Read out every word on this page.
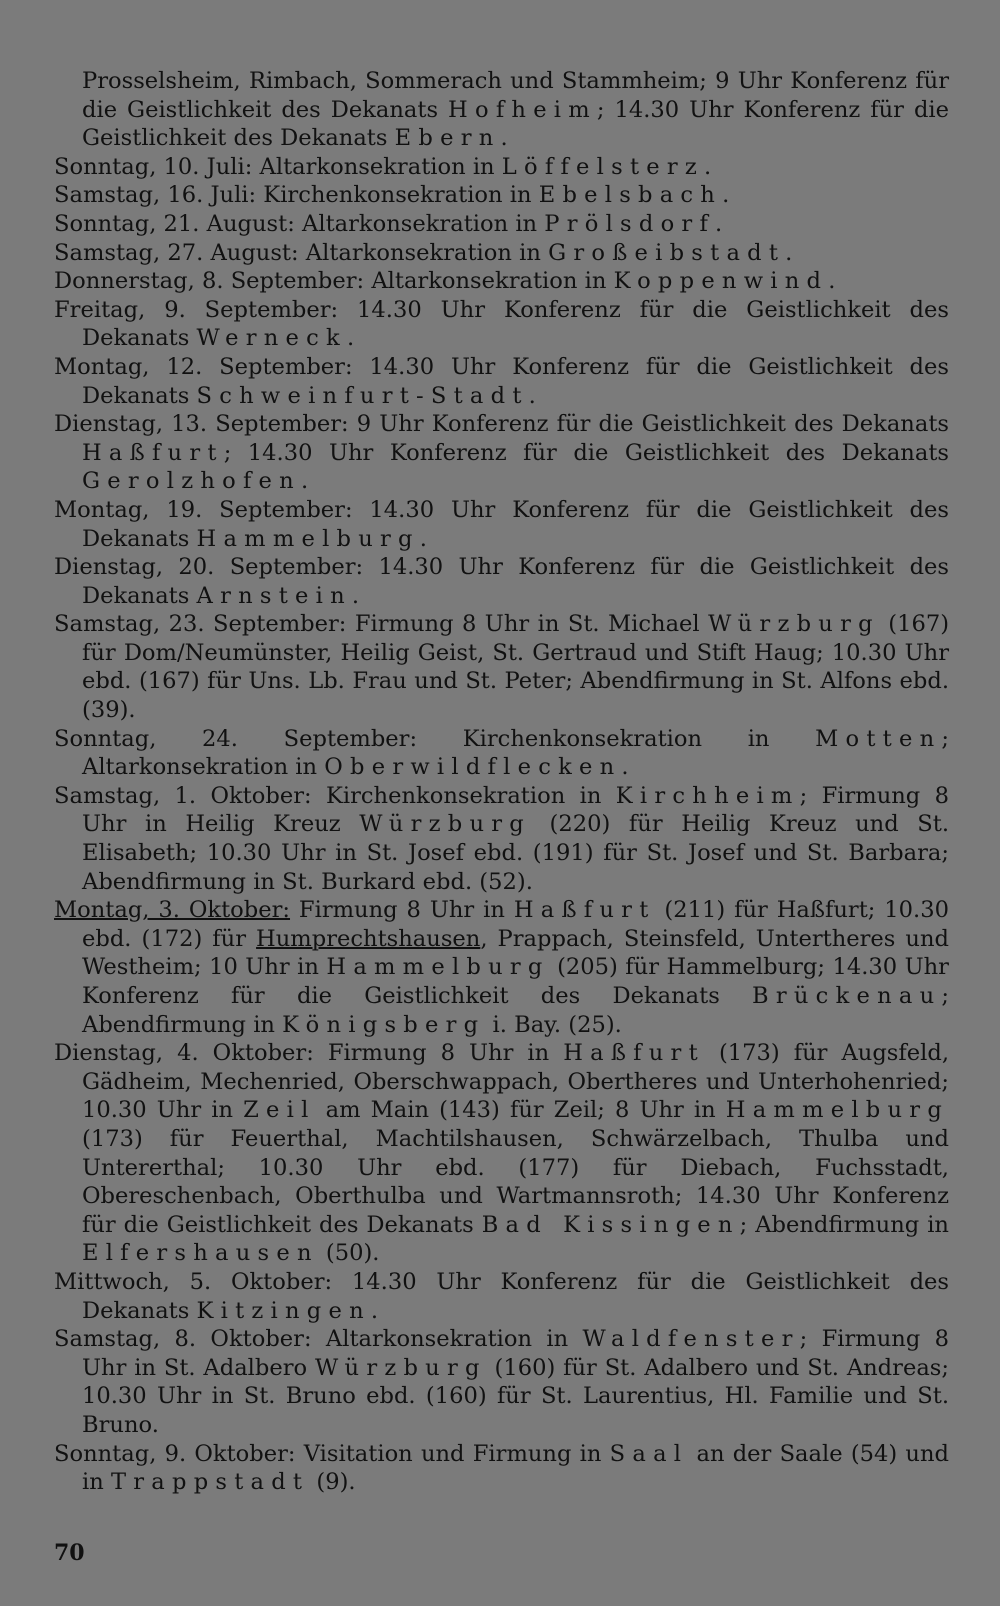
Prosselsheim, Rimbach, Sommerach und Stammheim; 9 Uhr Konferenz für die Geistlichkeit des Dekanats Hofheim; 14.30 Uhr Konferenz für die Geistlichkeit des Dekanats Ebern.
Sonntag, 10. Juli: Altarkonsekration in Löffelsterz.
Samstag, 16. Juli: Kirchenkonsekration in Ebelsbach.
Sonntag, 21. August: Altarkonsekration in Prölsdorf.
Samstag, 27. August: Altarkonsekration in Großeibstadt.
Donnerstag, 8. September: Altarkonsekration in Koppenwind.
Freitag, 9. September: 14.30 Uhr Konferenz für die Geistlichkeit des Dekanats Werneck.
Montag, 12. September: 14.30 Uhr Konferenz für die Geistlichkeit des Dekanats Schweinfurt-Stadt.
Dienstag, 13. September: 9 Uhr Konferenz für die Geistlichkeit des Dekanats Haßfurt; 14.30 Uhr Konferenz für die Geistlichkeit des Dekanats Gerolzhofen.
Montag, 19. September: 14.30 Uhr Konferenz für die Geistlichkeit des Dekanats Hammelburg.
Dienstag, 20. September: 14.30 Uhr Konferenz für die Geistlichkeit des Dekanats Arnstein.
Samstag, 23. September: Firmung 8 Uhr in St. Michael Würzburg (167) für Dom/Neumünster, Heilig Geist, St. Gertraud und Stift Haug; 10.30 Uhr ebd. (167) für Uns. Lb. Frau und St. Peter; Abendfirmung in St. Alfons ebd. (39).
Sonntag, 24. September: Kirchenkonsekration in Motten; Altarkonsekration in Oberwildflecken.
Samstag, 1. Oktober: Kirchenkonsekration in Kirchheim; Firmung 8 Uhr in Heilig Kreuz Würzburg (220) für Heilig Kreuz und St. Elisabeth; 10.30 Uhr in St. Josef ebd. (191) für St. Josef und St. Barbara; Abendfirmung in St. Burkard ebd. (52).
Montag, 3. Oktober: Firmung 8 Uhr in Haßfurt (211) für Haßfurt; 10.30 ebd. (172) für Humprechtshausen, Prappach, Steinsfeld, Untertheres und Westheim; 10 Uhr in Hammelburg (205) für Hammelburg; 14.30 Uhr Konferenz für die Geistlichkeit des Dekanats Brückenau; Abendfirmung in Königsberg i. Bay. (25).
Dienstag, 4. Oktober: Firmung 8 Uhr in Haßfurt (173) für Augsfeld, Gädheim, Mechenried, Oberschwappach, Obertheres und Unterhohenried; 10.30 Uhr in Zeil am Main (143) für Zeil; 8 Uhr in Hammelburg (173) für Feuerthal, Machtilshausen, Schwärzelbach, Thulba und Untererthal; 10.30 Uhr ebd. (177) für Diebach, Fuchsstadt, Obereschenbach, Oberthulba und Wartmannsroth; 14.30 Uhr Konferenz für die Geistlichkeit des Dekanats Bad Kissingen; Abendfirmung in Elfershausen (50).
Mittwoch, 5. Oktober: 14.30 Uhr Konferenz für die Geistlichkeit des Dekanats Kitzingen.
Samstag, 8. Oktober: Altarkonsekration in Waldfenster; Firmung 8 Uhr in St. Adalbero Würzburg (160) für St. Adalbero und St. Andreas; 10.30 Uhr in St. Bruno ebd. (160) für St. Laurentius, Hl. Familie und St. Bruno.
Sonntag, 9. Oktober: Visitation und Firmung in Saal an der Saale (54) und in Trappstadt (9).
70
